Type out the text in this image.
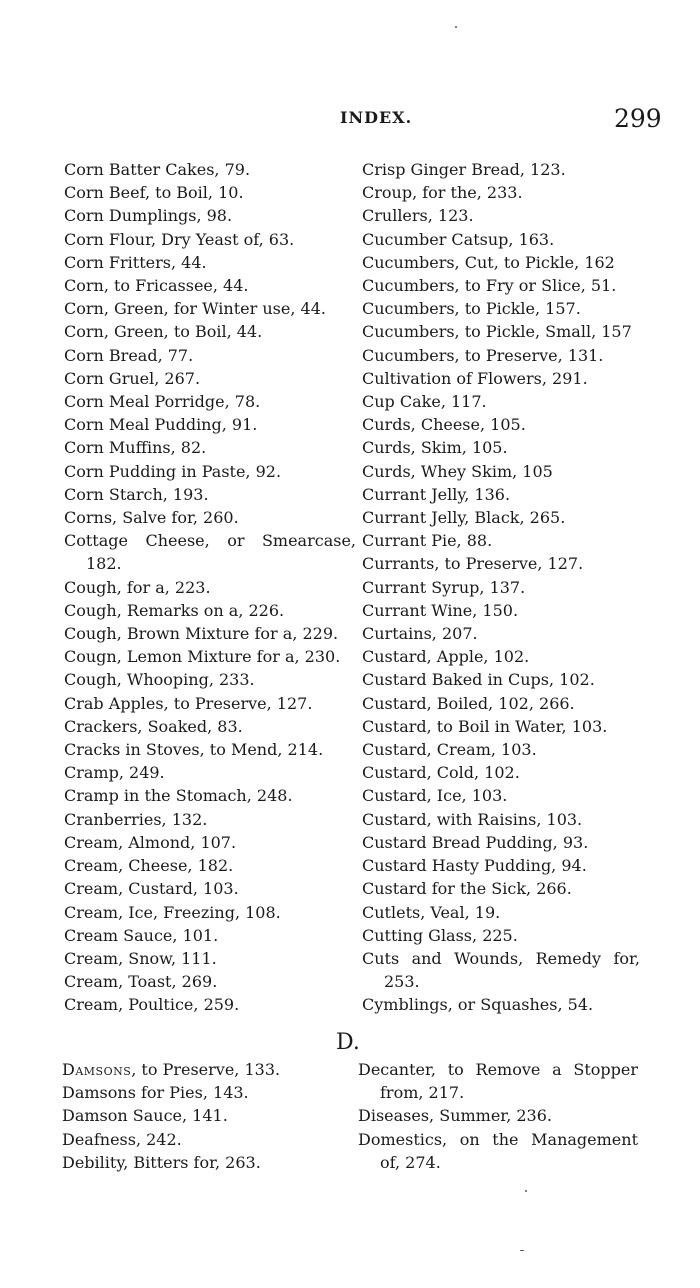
INDEX.	299
Corn Batter Cakes, 79.
Corn Beef, to Boil, 10.
Corn Dumplings, 98.
Corn Flour, Dry Yeast of, 63.
Corn Fritters, 44.
Corn, to Fricassee, 44.
Corn, Green, for Winter use, 44.
Corn, Green, to Boil, 44.
Corn Bread, 77.
Corn Gruel, 267.
Corn Meal Porridge, 78.
Corn Meal Pudding, 91.
Corn Muffins, 82.
Corn Pudding in Paste, 92.
Corn Starch, 193.
Corns, Salve for, 260.
Cottage Cheese, or Smearcase, 182.
Cough, for a, 223.
Cough, Remarks on a, 226.
Cough, Brown Mixture for a, 229.
Cougn, Lemon Mixture for a, 230.
Cough, Whooping, 233.
Crab Apples, to Preserve, 127.
Crackers, Soaked, 83.
Cracks in Stoves, to Mend, 214.
Cramp, 249.
Cramp in the Stomach, 248.
Cranberries, 132.
Cream, Almond, 107.
Cream, Cheese, 182.
Cream, Custard, 103.
Cream, Ice, Freezing, 108.
Cream Sauce, 101.
Cream, Snow, 111.
Cream, Toast, 269.
Cream, Poultice, 259.
Crisp Ginger Bread, 123.
Croup, for the, 233.
Crullers, 123.
Cucumber Catsup, 163.
Cucumbers, Cut, to Pickle, 162
Cucumbers, to Fry or Slice, 51.
Cucumbers, to Pickle, 157.
Cucumbers, to Pickle, Small, 157
Cucumbers, to Preserve, 131.
Cultivation of Flowers, 291.
Cup Cake, 117.
Curds, Cheese, 105.
Curds, Skim, 105.
Curds, Whey Skim, 105
Currant Jelly, 136.
Currant Jelly, Black, 265.
Currant Pie, 88.
Currants, to Preserve, 127.
Currant Syrup, 137.
Currant Wine, 150.
Curtains, 207.
Custard, Apple, 102.
Custard Baked in Cups, 102.
Custard, Boiled, 102, 266.
Custard, to Boil in Water, 103.
Custard, Cream, 103.
Custard, Cold, 102.
Custard, Ice, 103.
Custard, with Raisins, 103.
Custard Bread Pudding, 93.
Custard Hasty Pudding, 94.
Custard for the Sick, 266.
Cutlets, Veal, 19.
Cutting Glass, 225.
Cuts and Wounds, Remedy for, 253.
Cymblings, or Squashes, 54.
D.
Damsons, to Preserve, 133.
Damsons for Pies, 143.
Damson Sauce, 141.
Deafness, 242.
Debility, Bitters for, 263.
Decanter, to Remove a Stopper from, 217.
Diseases, Summer, 236.
Domestics, on the Management of, 274.
